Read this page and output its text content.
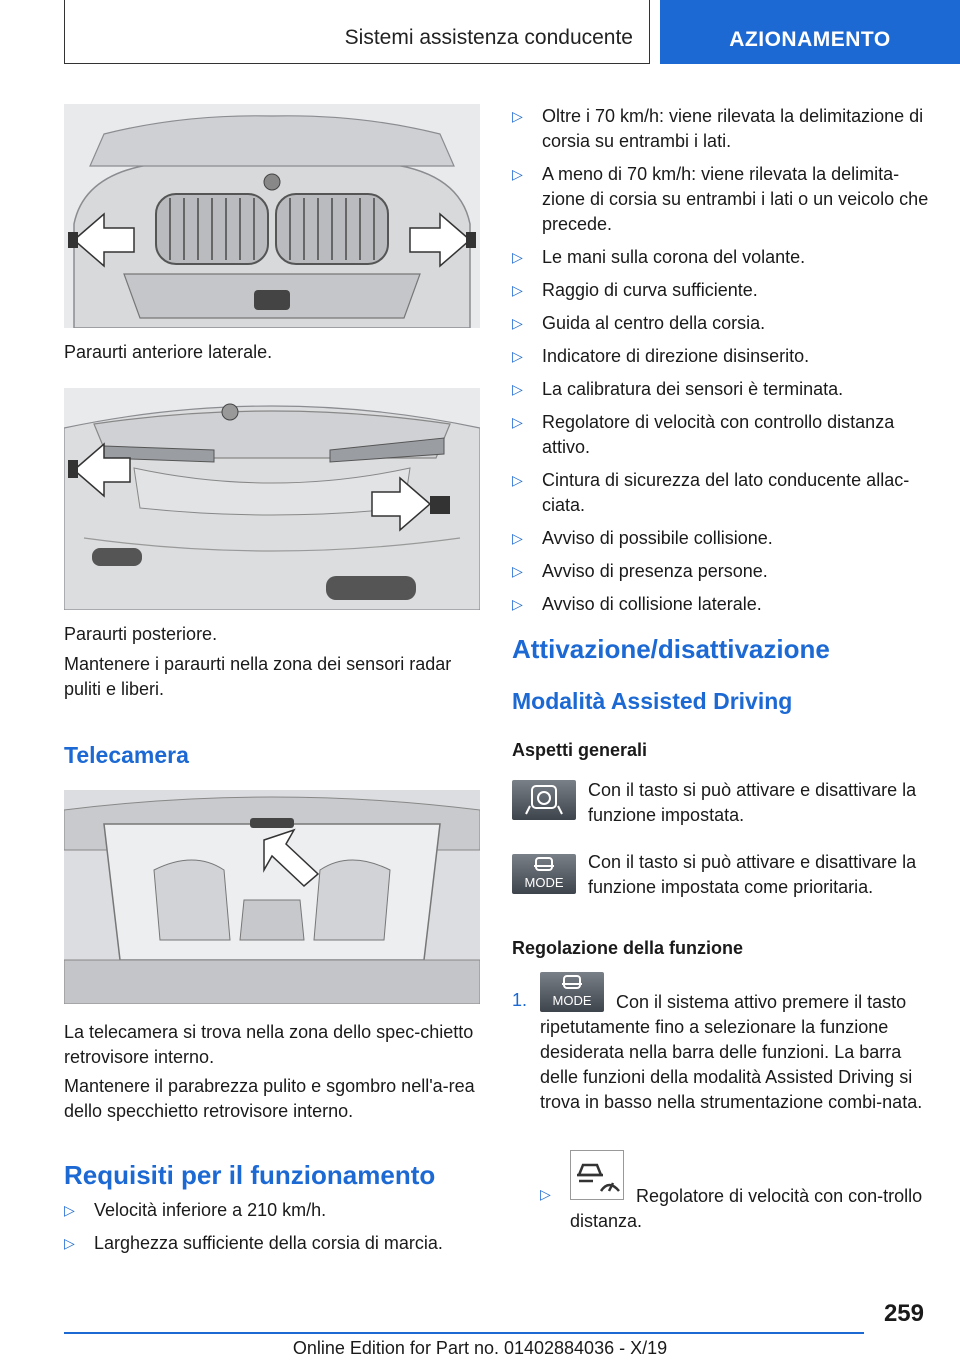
Sistemi assistenza conducente	AZIONAMENTO
Paraurti anteriore laterale.
Paraurti posteriore.
Mantenere i paraurti nella zona dei sensori radar puliti e liberi.
Telecamera
La telecamera si trova nella zona dello spec-chietto retrovisore interno.
Mantenere il parabrezza pulito e sgombro nell'a-rea dello specchietto retrovisore interno.
Requisiti per il funzionamento
▷ Velocità inferiore a 210 km/h.
▷ Larghezza sufficiente della corsia di marcia.
▷ Oltre i 70 km/h: viene rilevata la delimitazione di corsia su entrambi i lati.
▷ A meno di 70 km/h: viene rilevata la delimita-zione di corsia su entrambi i lati o un veicolo che precede.
▷ Le mani sulla corona del volante.
▷ Raggio di curva sufficiente.
▷ Guida al centro della corsia.
▷ Indicatore di direzione disinserito.
▷ La calibratura dei sensori è terminata.
▷ Regolatore di velocità con controllo distanza attivo.
▷ Cintura di sicurezza del lato conducente allac-ciata.
▷ Avviso di possibile collisione.
▷ Avviso di presenza persone.
▷ Avviso di collisione laterale.
Attivazione/disattivazione
Modalità Assisted Driving
Aspetti generali
Con il tasto si può attivare e disattivare la funzione impostata.
MODE
Con il tasto si può attivare e disattivare la funzione impostata come prioritaria.
Regolazione della funzione
1.	MODE	Con il sistema attivo premere il tasto ripetutamente fino a selezionare la funzione desiderata nella barra delle funzioni. La barra delle funzioni della modalità Assisted Driving si trova in basso nella strumentazione combi-nata.
▷	Regolatore di velocità con con-trollo distanza.
259
Online Edition for Part no. 01402884036 - X/19
